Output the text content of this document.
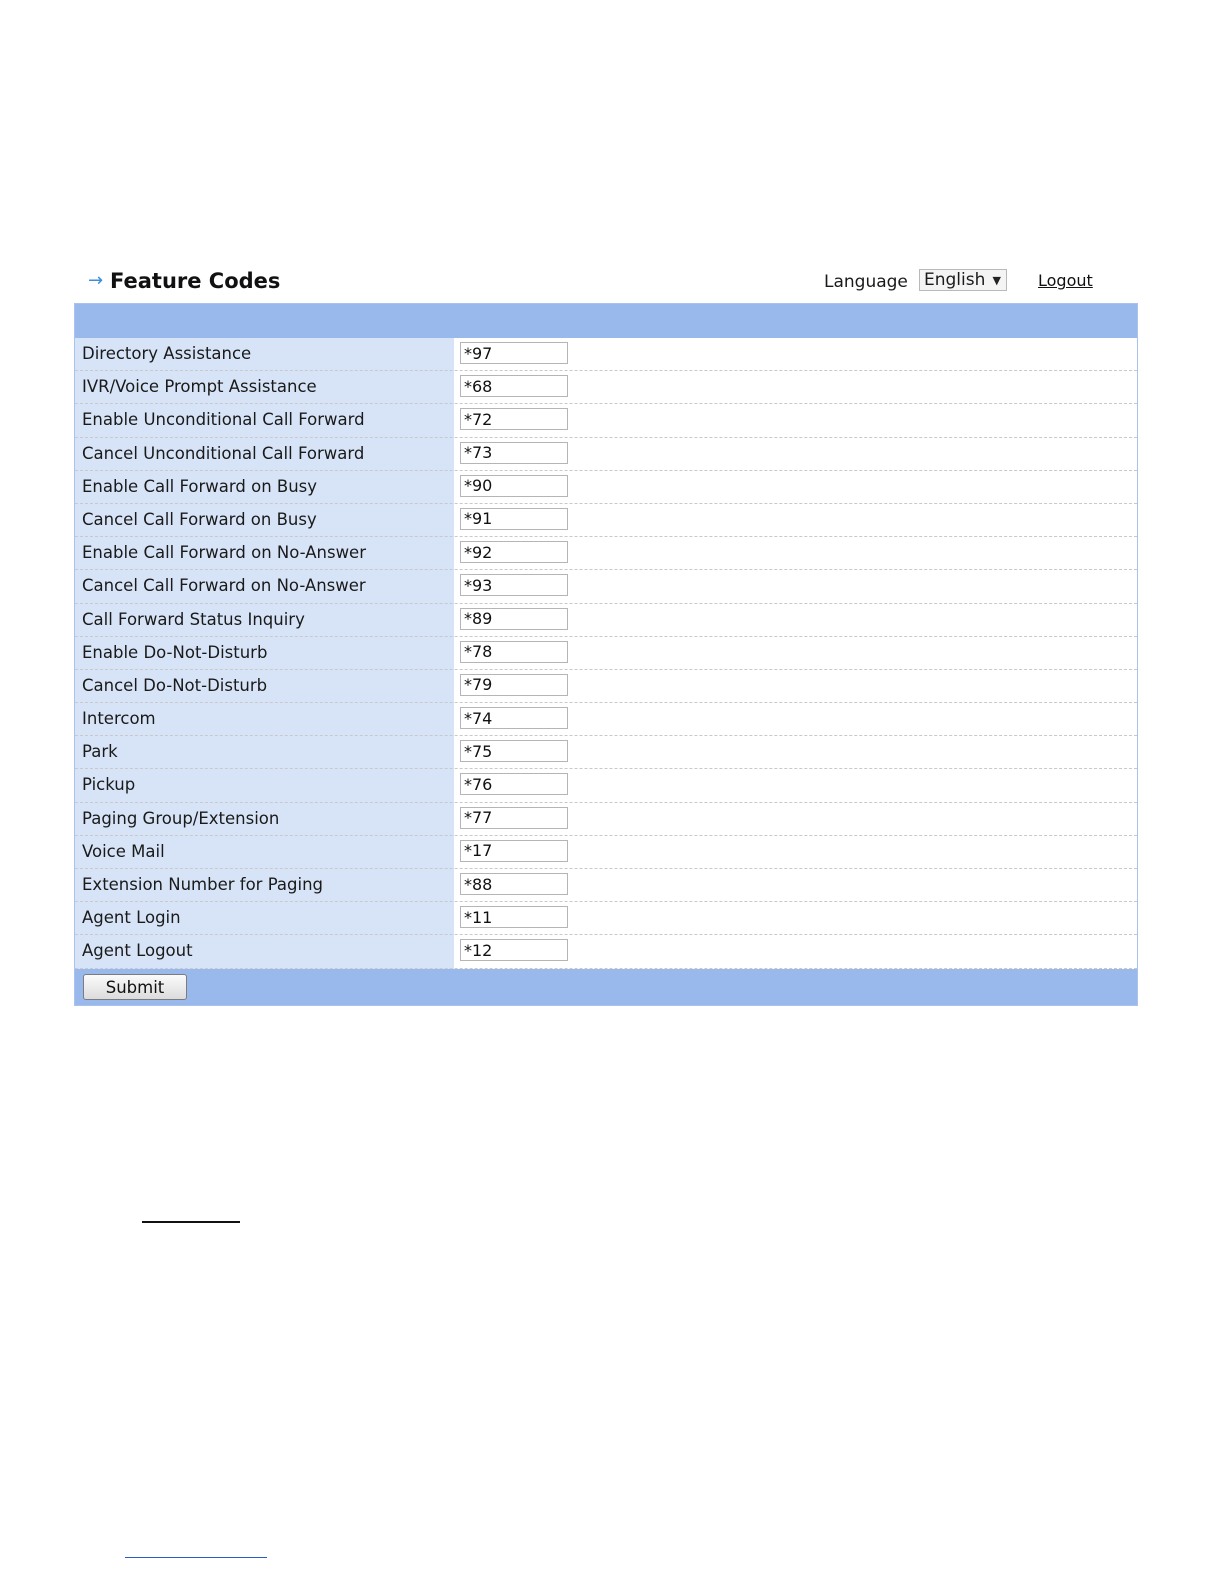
→ Feature Codes	Language English ▼ Logout
Directory Assistance
*97
IVR/Voice Prompt Assistance
*68
Enable Unconditional Call Forward
*72
Cancel Unconditional Call Forward
*73
Enable Call Forward on Busy
*90
Cancel Call Forward on Busy
*91
Enable Call Forward on No-Answer
*92
Cancel Call Forward on No-Answer
*93
Call Forward Status Inquiry
*89
Enable Do-Not-Disturb
*78
Cancel Do-Not-Disturb
*79
Intercom
*74
Park
*75
Pickup
*76
Paging Group/Extension
*77
Voice Mail
*17
Extension Number for Paging
*88
Agent Login
*11
Agent Logout
*12
Submit
